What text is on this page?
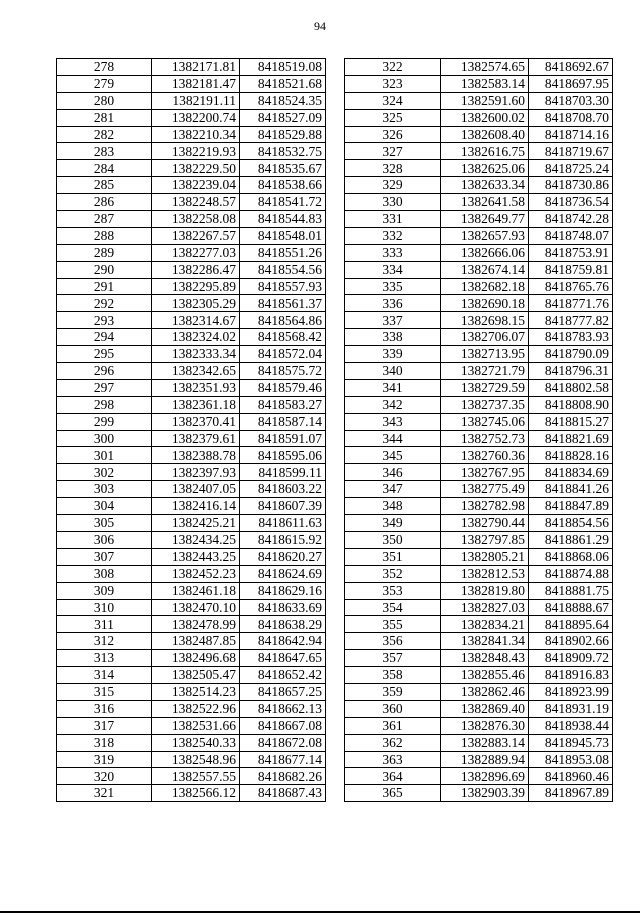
94
278	1382171.81	8418519.08
279	1382181.47	8418521.68
280	1382191.11	8418524.35
281	1382200.74	8418527.09
282	1382210.34	8418529.88
283	1382219.93	8418532.75
284	1382229.50	8418535.67
285	1382239.04	8418538.66
286	1382248.57	8418541.72
287	1382258.08	8418544.83
288	1382267.57	8418548.01
289	1382277.03	8418551.26
290	1382286.47	8418554.56
291	1382295.89	8418557.93
292	1382305.29	8418561.37
293	1382314.67	8418564.86
294	1382324.02	8418568.42
295	1382333.34	8418572.04
296	1382342.65	8418575.72
297	1382351.93	8418579.46
298	1382361.18	8418583.27
299	1382370.41	8418587.14
300	1382379.61	8418591.07
301	1382388.78	8418595.06
302	1382397.93	8418599.11
303	1382407.05	8418603.22
304	1382416.14	8418607.39
305	1382425.21	8418611.63
306	1382434.25	8418615.92
307	1382443.25	8418620.27
308	1382452.23	8418624.69
309	1382461.18	8418629.16
310	1382470.10	8418633.69
311	1382478.99	8418638.29
312	1382487.85	8418642.94
313	1382496.68	8418647.65
314	1382505.47	8418652.42
315	1382514.23	8418657.25
316	1382522.96	8418662.13
317	1382531.66	8418667.08
318	1382540.33	8418672.08
319	1382548.96	8418677.14
320	1382557.55	8418682.26
321	1382566.12	8418687.43
322	1382574.65	8418692.67
323	1382583.14	8418697.95
324	1382591.60	8418703.30
325	1382600.02	8418708.70
326	1382608.40	8418714.16
327	1382616.75	8418719.67
328	1382625.06	8418725.24
329	1382633.34	8418730.86
330	1382641.58	8418736.54
331	1382649.77	8418742.28
332	1382657.93	8418748.07
333	1382666.06	8418753.91
334	1382674.14	8418759.81
335	1382682.18	8418765.76
336	1382690.18	8418771.76
337	1382698.15	8418777.82
338	1382706.07	8418783.93
339	1382713.95	8418790.09
340	1382721.79	8418796.31
341	1382729.59	8418802.58
342	1382737.35	8418808.90
343	1382745.06	8418815.27
344	1382752.73	8418821.69
345	1382760.36	8418828.16
346	1382767.95	8418834.69
347	1382775.49	8418841.26
348	1382782.98	8418847.89
349	1382790.44	8418854.56
350	1382797.85	8418861.29
351	1382805.21	8418868.06
352	1382812.53	8418874.88
353	1382819.80	8418881.75
354	1382827.03	8418888.67
355	1382834.21	8418895.64
356	1382841.34	8418902.66
357	1382848.43	8418909.72
358	1382855.46	8418916.83
359	1382862.46	8418923.99
360	1382869.40	8418931.19
361	1382876.30	8418938.44
362	1382883.14	8418945.73
363	1382889.94	8418953.08
364	1382896.69	8418960.46
365	1382903.39	8418967.89
